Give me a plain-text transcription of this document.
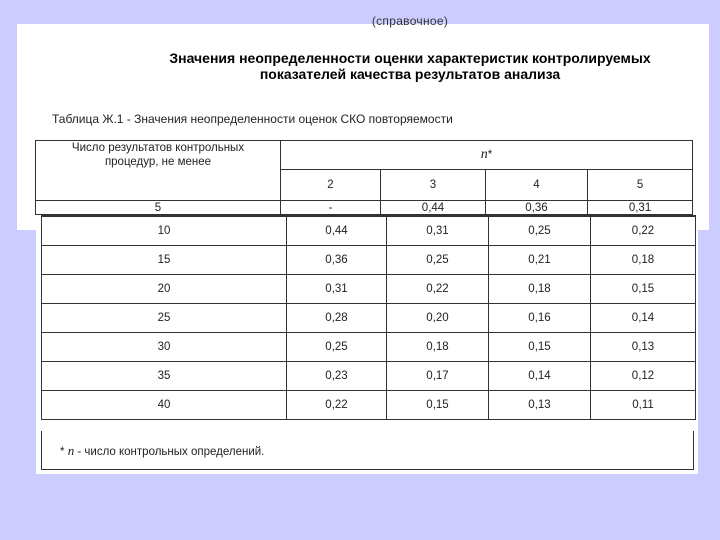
(справочное)
Значения неопределенности оценки характеристик контролируемых
показателей качества результатов анализа
Таблица Ж.1 - Значения неопределенности оценок СКО повторяемости
Число результатов контрольных
процедур, не менее	n*			
	2	3	4	5
5	-	0,44	0,36	0,31

10	0,44	0,31	0,25	0,22
15	0,36	0,25	0,21	0,18
20	0,31	0,22	0,18	0,15
25	0,28	0,20	0,16	0,14
30	0,25	0,18	0,15	0,13
35	0,23	0,17	0,14	0,12
40	0,22	0,15	0,13	0,11
* n - число контрольных определений.
